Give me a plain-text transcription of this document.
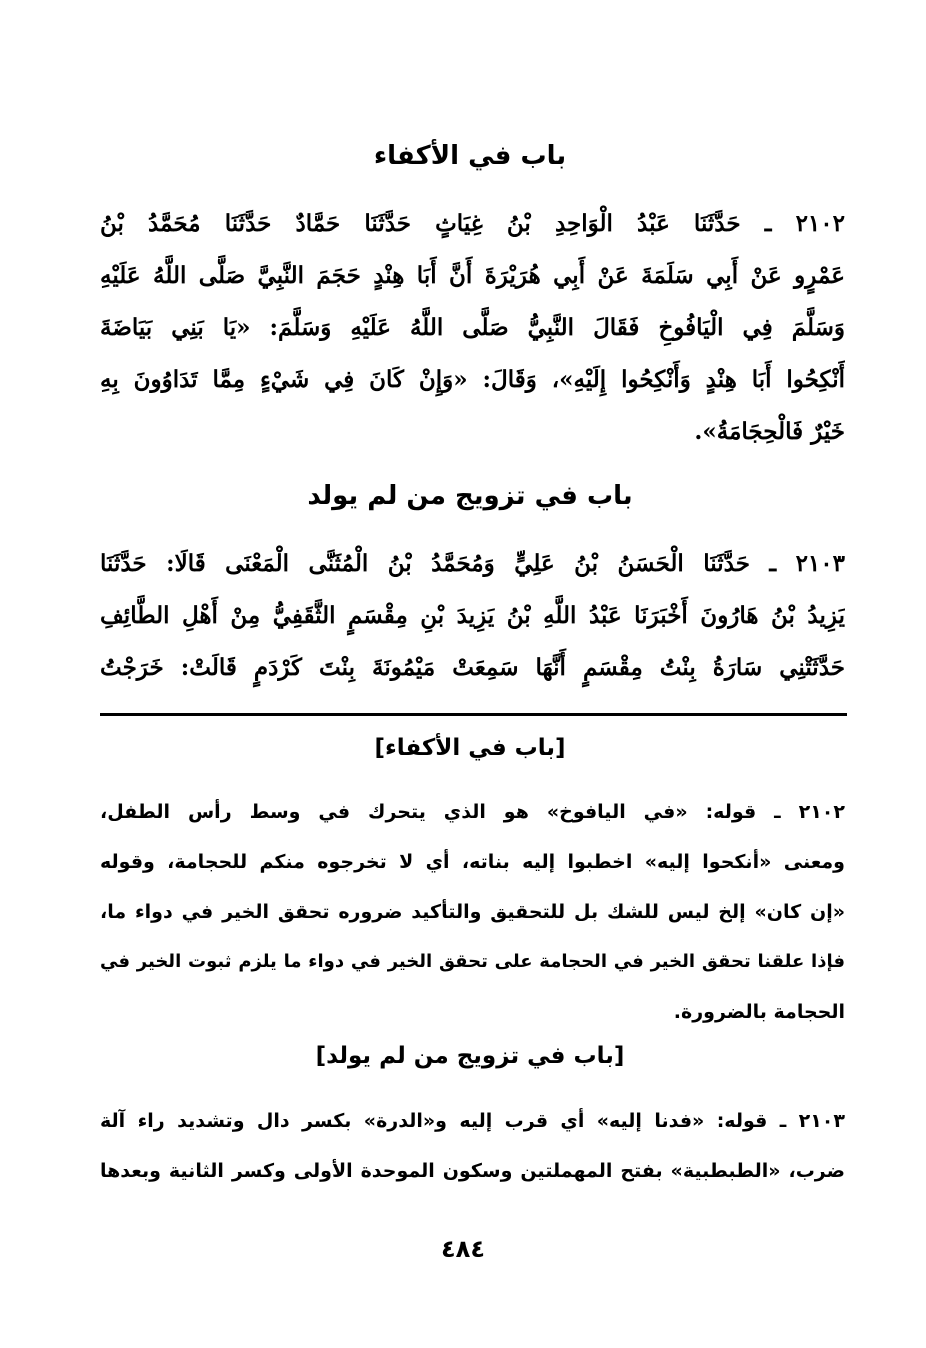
باب في الأكفاء
٢١٠٢ ـ حَدَّثَنَا عَبْدُ الْوَاحِدِ بْنُ غِيَاثٍ حَدَّثَنَا حَمَّادٌ حَدَّثَنَا مُحَمَّدُ بْنُ
عَمْرٍو عَنْ أَبِي سَلَمَةَ عَنْ أَبِي هُرَيْرَةَ أَنَّ أَبَا هِنْدٍ حَجَمَ النَّبِيَّ صَلَّى اللَّهُ عَلَيْهِ
وَسَلَّمَ فِي الْيَافُوخِ فَقَالَ النَّبِيُّ صَلَّى اللَّهُ عَلَيْهِ وَسَلَّمَ: «يَا بَنِي بَيَاضَةَ
أَنْكِحُوا أَبَا هِنْدٍ وَأَنْكِحُوا إِلَيْهِ»، وَقَالَ: «وَإِنْ كَانَ فِي شَيْءٍ مِمَّا تَدَاوُونَ بِهِ
خَيْرٌ فَالْحِجَامَةُ».
باب في تزويج من لم يولد
٢١٠٣ ـ حَدَّثَنَا الْحَسَنُ بْنُ عَلِيٍّ وَمُحَمَّدُ بْنُ الْمُثَنَّى الْمَعْنَى قَالَا: حَدَّثَنَا
يَزِيدُ بْنُ هَارُونَ أَخْبَرَنَا عَبْدُ اللَّهِ بْنُ يَزِيدَ بْنِ مِقْسَمٍ الثَّقَفِيُّ مِنْ أَهْلِ الطَّائِفِ
حَدَّثَتْنِي سَارَةُ بِنْتُ مِقْسَمٍ أَنَّهَا سَمِعَتْ مَيْمُونَةَ بِنْتَ كَرْدَمٍ قَالَتْ: خَرَجْتُ
[باب في الأكفاء]
٢١٠٢ ـ قوله: «في اليافوخ» هو الذي يتحرك في وسط رأس الطفل،
ومعنى «أنكحوا إليه» اخطبوا إليه بناته، أي لا تخرجوه منكم للحجامة، وقوله
«إن كان» إلخ ليس للشك بل للتحقيق والتأكيد ضروره تحقق الخير في دواء ما،
فإذا علقنا تحقق الخير في الحجامة على تحقق الخير في دواء ما يلزم ثبوت الخير في
الحجامة بالضرورة.
[باب في تزويج من لم يولد]
٢١٠٣ ـ قوله: «فدنا إليه» أي قرب إليه و«الدرة» بكسر دال وتشديد راء آلة
ضرب، «الطبطبية» بفتح المهملتين وسكون الموحدة الأولى وكسر الثانية وبعدها
٤٨٤
